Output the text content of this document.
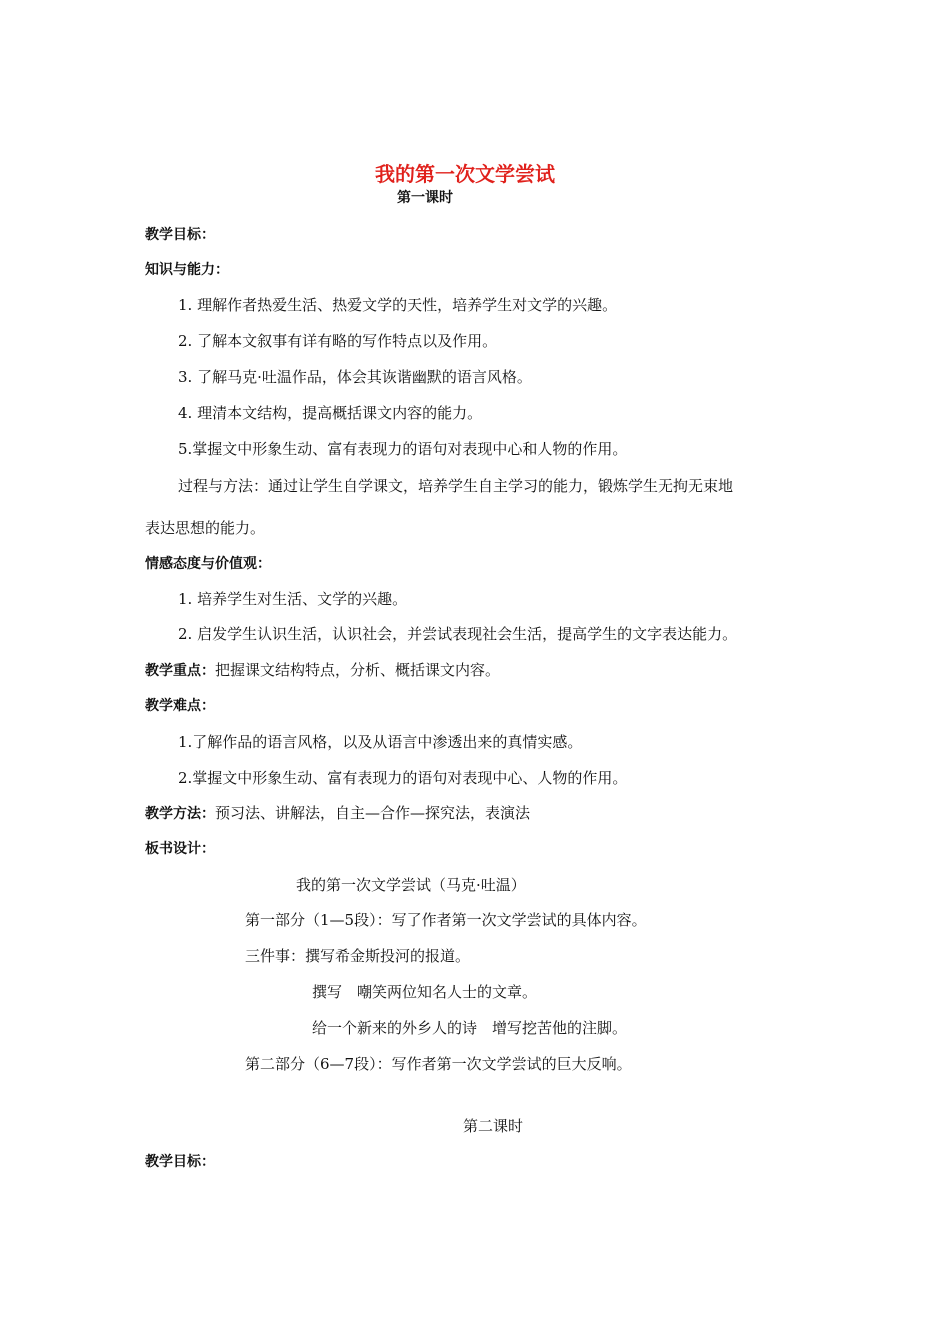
我的第一次文学尝试
第一课时
教学目标：
知识与能力：
1. 理解作者热爱生活、热爱文学的天性，培养学生对文学的兴趣。
2. 了解本文叙事有详有略的写作特点以及作用。
3. 了解马克·吐温作品，体会其诙谐幽默的语言风格。
4. 理清本文结构，提高概括课文内容的能力。
5.掌握文中形象生动、富有表现力的语句对表现中心和人物的作用。
过程与方法：通过让学生自学课文，培养学生自主学习的能力，锻炼学生无拘无束地
表达思想的能力。
情感态度与价值观：
1. 培养学生对生活、文学的兴趣。
2. 启发学生认识生活，认识社会，并尝试表现社会生活，提高学生的文字表达能力。
教学重点：把握课文结构特点，分析、概括课文内容。
教学难点：
1.了解作品的语言风格，以及从语言中渗透出来的真情实感。
2.掌握文中形象生动、富有表现力的语句对表现中心、人物的作用。
教学方法：预习法、讲解法，自主—合作—探究法，表演法
板书设计：
我的第一次文学尝试（马克·吐温）
第一部分（1—5段）：写了作者第一次文学尝试的具体内容。
三件事：撰写希金斯投河的报道。
撰写　嘲笑两位知名人士的文章。
给一个新来的外乡人的诗　增写挖苦他的注脚。
第二部分（6—7段）：写作者第一次文学尝试的巨大反响。
第二课时
教学目标：
